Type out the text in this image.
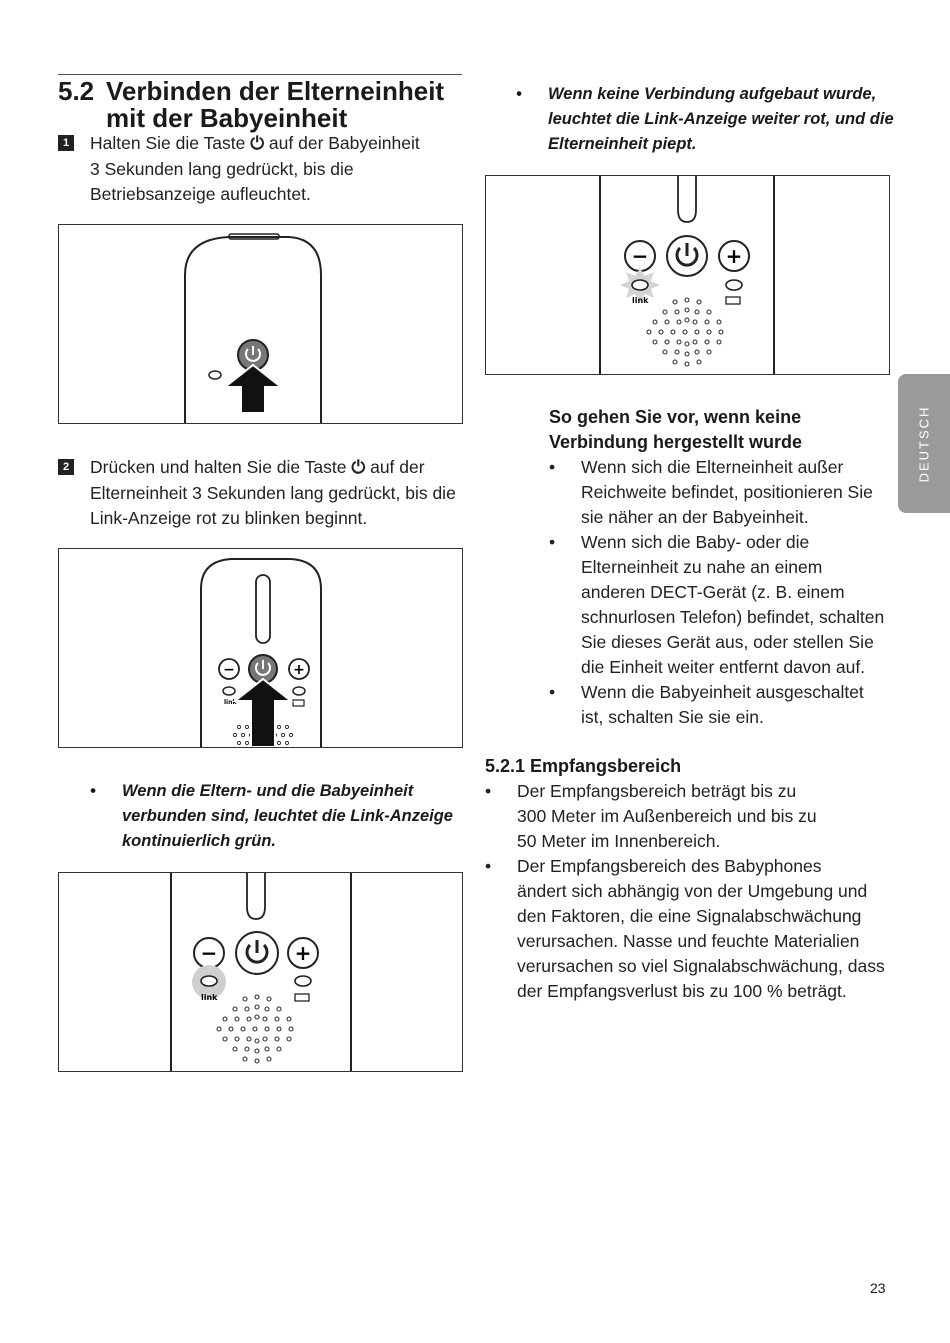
5.2 Verbinden der Elterneinheit
mit der Babyeinheit
1 Halten Sie die Taste ⏻ auf der Babyeinheit
3 Sekunden lang gedrückt, bis die
Betriebsanzeige aufleuchtet.
2 Drücken und halten Sie die Taste ⏻ auf der
Elterneinheit 3 Sekunden lang gedrückt, bis die
Link-Anzeige rot zu blinken beginnt.
−	+
link
• Wenn die Eltern- und die Babyeinheit
verbunden sind, leuchtet die Link-Anzeige
kontinuierlich grün.
−	+
link
• Wenn keine Verbindung aufgebaut wurde,
leuchtet die Link-Anzeige weiter rot, und die
Elterneinheit piept.
−	+
link
So gehen Sie vor, wenn keine
Verbindung hergestellt wurde
• Wenn sich die Elterneinheit außer
Reichweite befindet, positionieren Sie
sie näher an der Babyeinheit.
• Wenn sich die Baby- oder die
Elterneinheit zu nahe an einem
anderen DECT-Gerät (z. B. einem
schnurlosen Telefon) befindet, schalten
Sie dieses Gerät aus, oder stellen Sie
die Einheit weiter entfernt davon auf.
• Wenn die Babyeinheit ausgeschaltet
ist, schalten Sie sie ein.
5.2.1 Empfangsbereich
• Der Empfangsbereich beträgt bis zu
300 Meter im Außenbereich und bis zu
50 Meter im Innenbereich.
• Der Empfangsbereich des Babyphones
ändert sich abhängig von der Umgebung und
den Faktoren, die eine Signalabschwächung
verursachen. Nasse und feuchte Materialien
verursachen so viel Signalabschwächung, dass
der Empfangsverlust bis zu 100 % beträgt.
DEUTSCH
23
